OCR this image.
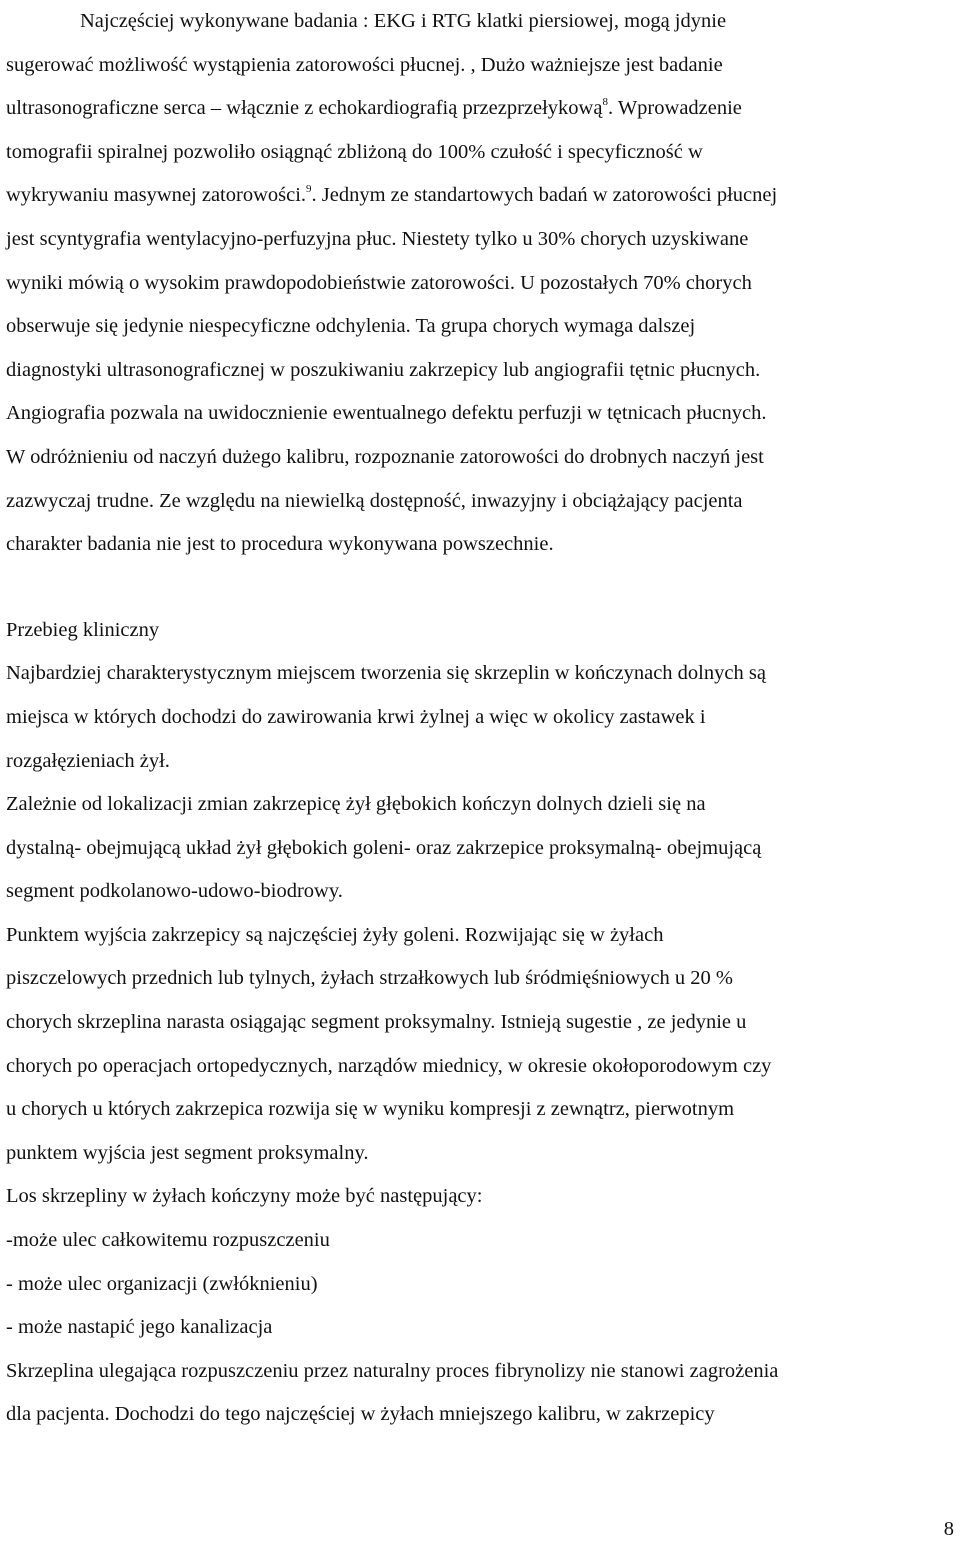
Najczęściej wykonywane badania : EKG i RTG klatki piersiowej, mogą jdynie
sugerować możliwość wystąpienia zatorowości płucnej. , Dużo ważniejsze jest badanie
ultrasonograficzne serca – włącznie z echokardiografią przezprzełykową$^8$. Wprowadzenie
tomografii spiralnej pozwoliło osiągnąć zbliżoną do 100% czułość i specyficzność w
wykrywaniu masywnej zatorowości.$^9$. Jednym ze standartowych badań w zatorowości płucnej
jest scyntygrafia wentylacyjno-perfuzyjna płuc. Niestety tylko u 30% chorych uzyskiwane
wyniki mówią o wysokim prawdopodobieństwie zatorowości. U pozostałych 70% chorych
obserwuje się jedynie niespecyficzne odchylenia. Ta grupa chorych wymaga dalszej
diagnostyki ultrasonograficznej w poszukiwaniu zakrzepicy lub angiografii tętnic płucnych.
Angiografia pozwala na uwidocznienie ewentualnego defektu perfuzji w tętnicach płucnych.
W odróżnieniu od naczyń dużego kalibru, rozpoznanie zatorowości do drobnych naczyń jest
zazwyczaj trudne. Ze względu na niewielką dostępność, inwazyjny i obciążający pacjenta
charakter badania nie jest to procedura wykonywana powszechnie.
Przebieg kliniczny
Najbardziej charakterystycznym miejscem tworzenia się skrzeplin w kończynach dolnych są
miejsca w których dochodzi do zawirowania krwi żylnej a więc w okolicy zastawek i
rozgałęzieniach żył.
Zależnie od lokalizacji zmian zakrzepicę żył głębokich kończyn dolnych dzieli się na
dystalną- obejmującą układ żył głębokich goleni- oraz zakrzepice proksymalną- obejmującą
segment podkolanowo-udowo-biodrowy.
Punktem wyjścia zakrzepicy są najczęściej żyły goleni. Rozwijając się w żyłach
piszczelowych przednich lub tylnych, żyłach strzałkowych lub śródmięśniowych u 20 %
chorych skrzeplina narasta osiągając segment proksymalny. Istnieją sugestie , ze jedynie u
chorych po operacjach ortopedycznych, narządów miednicy, w okresie okołoporodowym czy
u chorych u których zakrzepica rozwija się w wyniku kompresji z zewnątrz, pierwotnym
punktem wyjścia jest segment proksymalny.
Los skrzepliny w żyłach kończyny może być następujący:
-może ulec całkowitemu rozpuszczeniu
- może ulec organizacji (zwłóknieniu)
- może nastapić jego kanalizacja
Skrzeplina ulegająca rozpuszczeniu przez naturalny proces fibrynolizy nie stanowi zagrożenia
dla pacjenta. Dochodzi do tego najczęściej w żyłach mniejszego kalibru, w zakrzepicy
8
